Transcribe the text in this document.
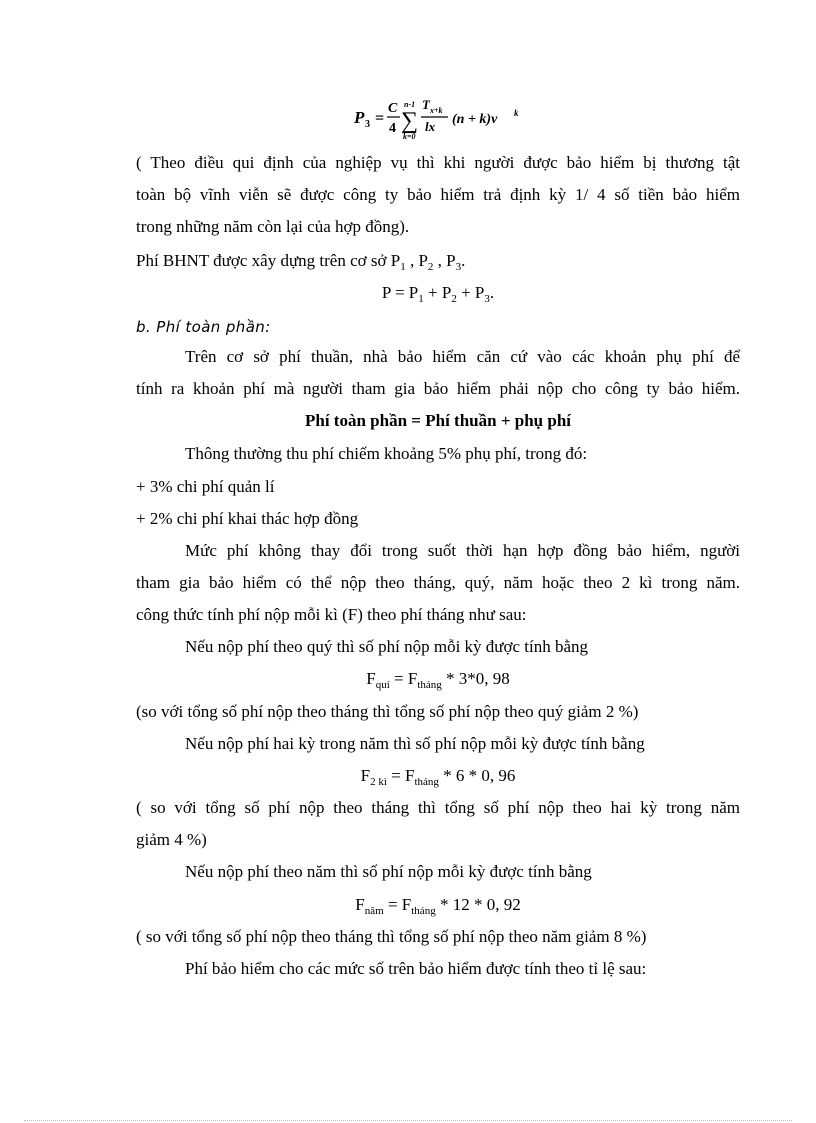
P 3 =
C
4
n-1
∑
k=0
T x+k
lx (n + k)v k
( Theo điều qui định của nghiệp vụ thì khi người được bảo hiểm bị thương tật
toàn bộ vĩnh viễn sẽ được công ty bảo hiểm trả định kỳ 1/ 4 số tiền bảo hiểm
trong những năm còn lại của hợp đồng).
Phí BHNT được xây dựng trên cơ sở $P_1$ , $P_2$ , $P_3$.
$P = P_1 + P_2 + P_3$.
b. Phí toàn phần:
Trên cơ sở phí thuần, nhà bảo hiểm căn cứ vào các khoản phụ phí để
tính ra khoản phí mà người tham gia bảo hiểm phải nộp cho công ty bảo hiểm.
Phí toàn phần = Phí thuần + phụ phí
Thông thường thu phí chiếm khoảng 5% phụ phí, trong đó:
+ 3% chi phí quản lí
+ 2% chi phí khai thác hợp đồng
Mức phí không thay đổi trong suốt thời hạn hợp đồng bảo hiểm, người
tham gia bảo hiểm có thể nộp theo tháng, quý, năm hoặc theo 2 kì trong năm.
công thức tính phí nộp mỗi kì (F) theo phí tháng như sau:
Nếu nộp phí theo quý thì số phí nộp mỗi kỳ được tính bằng
$F_{quí} = F_{tháng} * 3*0$, 98
(so với tổng số phí nộp theo tháng thì tổng số phí nộp theo quý giảm 2 %)
Nếu nộp phí hai kỳ trong năm thì số phí nộp mỗi kỳ được tính bằng
$F_{2 kì} = F_{tháng} * 6 * 0$, 96
( so với tổng số phí nộp theo tháng thì tổng số phí nộp theo hai kỳ trong năm
giảm 4 %)
Nếu nộp phí theo năm thì số phí nộp mỗi kỳ được tính bằng
$F_{năm} = F_{tháng} * 12 * 0$, 92
( so với tổng số phí nộp theo tháng thì tổng số phí nộp theo năm giảm 8 %)
Phí bảo hiểm cho các mức số trên bảo hiểm được tính theo tỉ lệ sau:
